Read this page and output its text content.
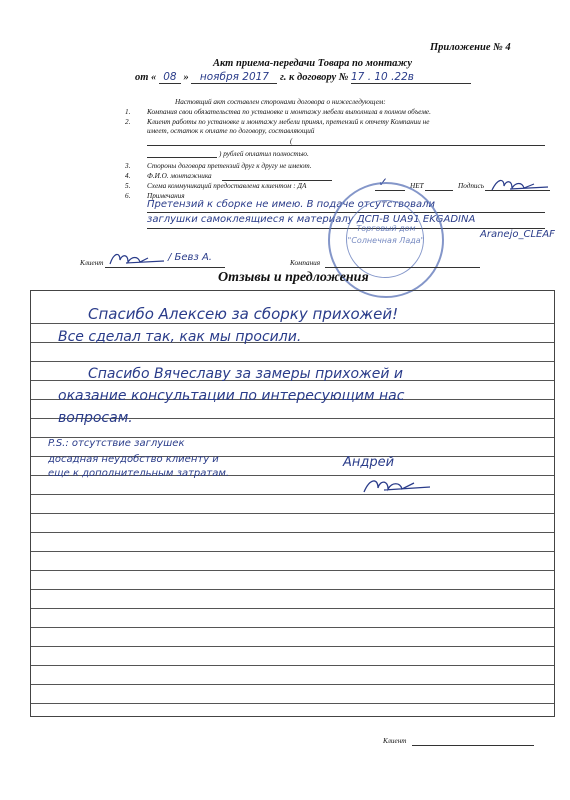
Приложение № 4
Акт приема-передачи Товара по монтажу
от « 08 » ноября 2017 г. к договору № 17 . 10 .22в
Настоящий акт составлен сторонами договора о нижеследующем:
1. Компания свои обязательства по установке и монтажу мебели выполнила в полном объеме.
2. Клиент работы по установке и монтажу мебели принял, претензий к отчету Компании не
имеет, остаток к оплате по договору, составляющий
(
) рублей оплатил полностью.
3. Стороны договора претензий друг к другу не имеют.
4. Ф.И.О. монтажника
5. Схема коммуникаций предоставлена клиентом : ДА	✓	НЕТ	Подпись
6. Примечания
Претензий к сборке не имею. В подаче отсутствовали
заглушки самоклеящиеся к материалу ДСП-В UA91 EKGADINA
Aranejo_CLEAF
Торговый дом
"Солнечная Лада"
Клиент	/ Бевз А.	Компания
Отзывы и предложения
Спасибо Алексею за сборку прихожей!
Все сделал так, как мы просили.
Спасибо Вячеславу за замеры прихожей и
оказание консультации по интересующим нас
вопросам.
P.S.: отсутствие заглушек
досадная неудобство клиенту и
еще к дополнительным затратам.
Андрей
Клиент
